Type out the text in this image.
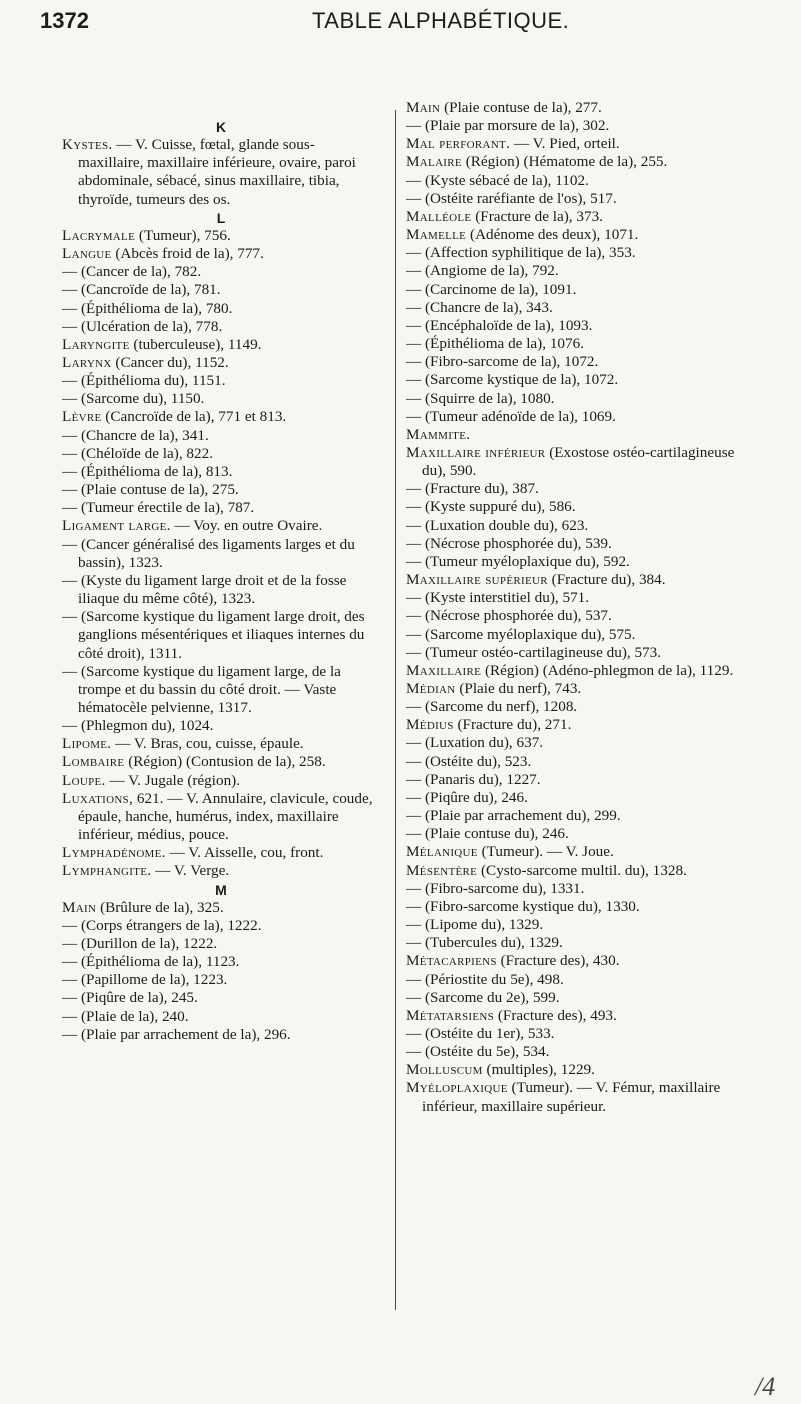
1372	TABLE ALPHABÉTIQUE.
K
Kystes. — V. Cuisse, fœtal, glande sous-maxillaire, maxillaire inférieure, ovaire, paroi abdominale, sébacé, sinus maxillaire, tibia, thyroïde, tumeurs des os.
L
Lacrymale (Tumeur), 756.
Langue (Abcès froid de la), 777.
— (Cancer de la), 782.
— (Cancroïde de la), 781.
— (Épithélioma de la), 780.
— (Ulcération de la), 778.
Laryngite (tuberculeuse), 1149.
Larynx (Cancer du), 1152.
— (Épithélioma du), 1151.
— (Sarcome du), 1150.
Lèvre (Cancroïde de la), 771 et 813.
— (Chancre de la), 341.
— (Chéloïde de la), 822.
— (Épithélioma de la), 813.
— (Plaie contuse de la), 275.
— (Tumeur érectile de la), 787.
Ligament large. — Voy. en outre Ovaire.
— (Cancer généralisé des ligaments larges et du bassin), 1323.
— (Kyste du ligament large droit et de la fosse iliaque du même côté), 1323.
— (Sarcome kystique du ligament large droit, des ganglions mésentériques et iliaques internes du côté droit), 1311.
— (Sarcome kystique du ligament large, de la trompe et du bassin du côté droit. — Vaste hématocèle pelvienne, 1317.
— (Phlegmon du), 1024.
Lipome. — V. Bras, cou, cuisse, épaule.
Lombaire (Région) (Contusion de la), 258.
Loupe. — V. Jugale (région).
Luxations, 621. — V. Annulaire, clavicule, coude, épaule, hanche, humérus, index, maxillaire inférieur, médius, pouce.
Lymphadénome. — V. Aisselle, cou, front.
Lymphangite. — V. Verge.
M
Main (Brûlure de la), 325.
— (Corps étrangers de la), 1222.
— (Durillon de la), 1222.
— (Épithélioma de la), 1123.
— (Papillome de la), 1223.
— (Piqûre de la), 245.
— (Plaie de la), 240.
— (Plaie par arrachement de la), 296.
Main (Plaie contuse de la), 277.
— (Plaie par morsure de la), 302.
Mal perforant. — V. Pied, orteil.
Malaire (Région) (Hématome de la), 255.
— (Kyste sébacé de la), 1102.
— (Ostéite raréfiante de l'os), 517.
Malléole (Fracture de la), 373.
Mamelle (Adénome des deux), 1071.
— (Affection syphilitique de la), 353.
— (Angiome de la), 792.
— (Carcinome de la), 1091.
— (Chancre de la), 343.
— (Encéphaloïde de la), 1093.
— (Épithélioma de la), 1076.
— (Fibro-sarcome de la), 1072.
— (Sarcome kystique de la), 1072.
— (Squirre de la), 1080.
— (Tumeur adénoïde de la), 1069.
Mammite.
Maxillaire inférieur (Exostose ostéo-cartilagineuse du), 590.
— (Fracture du), 387.
— (Kyste suppuré du), 586.
— (Luxation double du), 623.
— (Nécrose phosphorée du), 539.
— (Tumeur myéloplaxique du), 592.
Maxillaire supérieur (Fracture du), 384.
— (Kyste interstitiel du), 571.
— (Nécrose phosphorée du), 537.
— (Sarcome myéloplaxique du), 575.
— (Tumeur ostéo-cartilagineuse du), 573.
Maxillaire (Région) (Adéno-phlegmon de la), 1129.
Médian (Plaie du nerf), 743.
— (Sarcome du nerf), 1208.
Médius (Fracture du), 271.
— (Luxation du), 637.
— (Ostéite du), 523.
— (Panaris du), 1227.
— (Piqûre du), 246.
— (Plaie par arrachement du), 299.
— (Plaie contuse du), 246.
Mélanique (Tumeur). — V. Joue.
Mésentère (Cysto-sarcome multil. du), 1328.
— (Fibro-sarcome du), 1331.
— (Fibro-sarcome kystique du), 1330.
— (Lipome du), 1329.
— (Tubercules du), 1329.
Métacarpiens (Fracture des), 430.
— (Périostite du 5e), 498.
— (Sarcome du 2e), 599.
Métatarsiens (Fracture des), 493.
— (Ostéite du 1er), 533.
— (Ostéite du 5e), 534.
Molluscum (multiples), 1229.
Myéloplaxique (Tumeur). — V. Fémur, maxillaire inférieur, maxillaire supérieur.
/4
